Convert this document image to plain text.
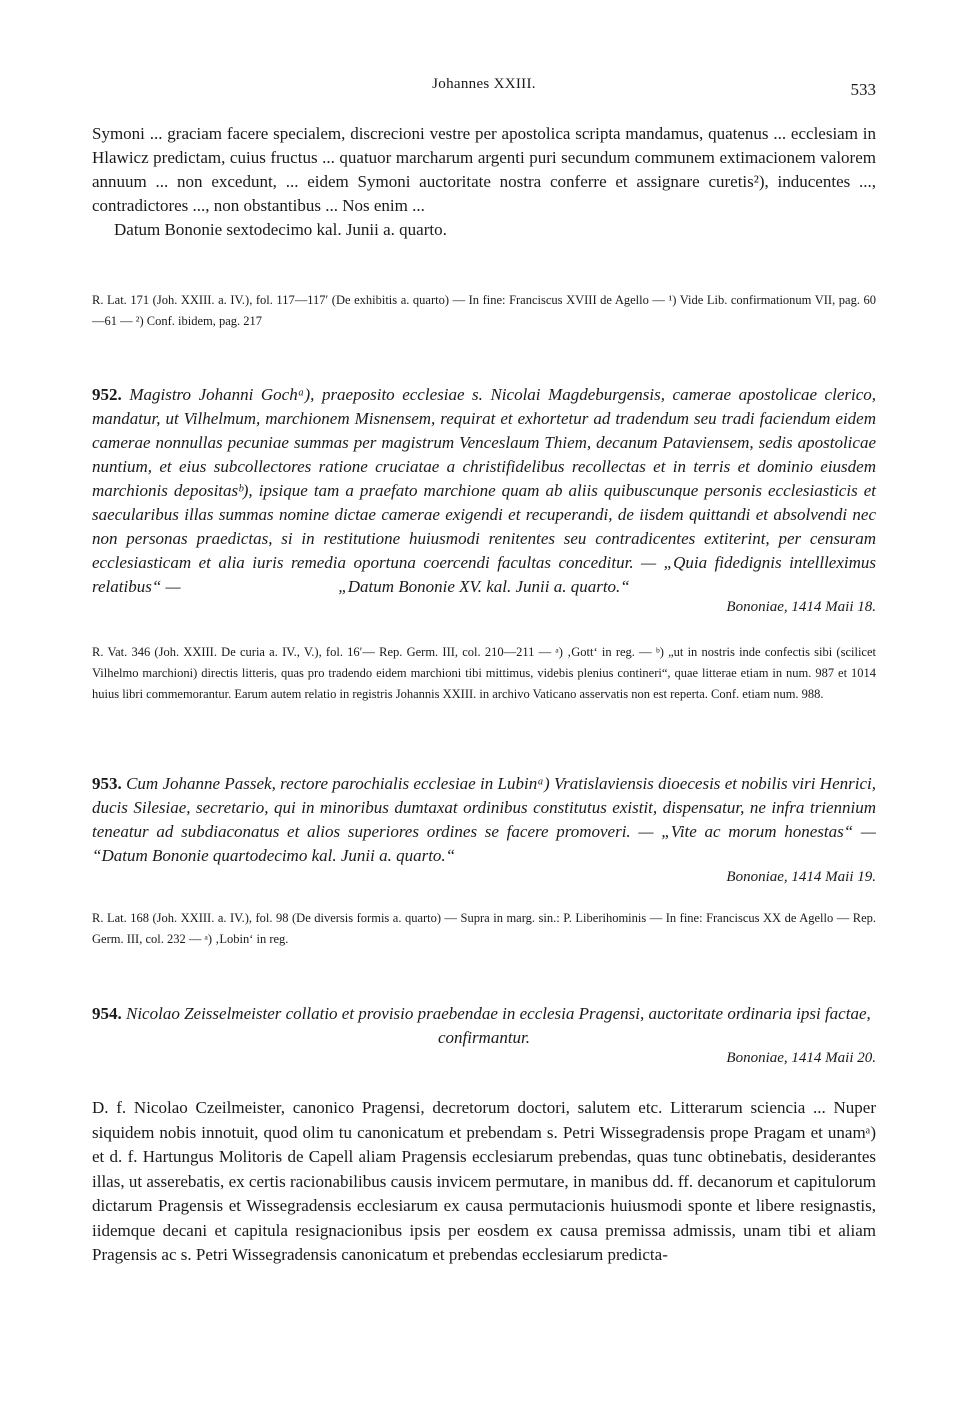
Johannes XXIII.	533
Symoni ... graciam facere specialem, discrecioni vestre per apostolica scripta mandamus, quatenus ... ecclesiam in Hlawicz predictam, cuius fructus ... quatuor marcharum argenti puri secundum communem extimacionem valorem annuum ... non excedunt, ... eidem Symoni auctoritate nostra conferre et assignare curetis²), inducentes ..., contradictores ..., non obstantibus ... Nos enim ...
Datum Bononie sextodecimo kal. Junii a. quarto.
R. Lat. 171 (Joh. XXIII. a. IV.), fol. 117—117′ (De exhibitis a. quarto) — In fine: Franciscus XVIII de Agello — ¹) Vide Lib. confirmationum VII, pag. 60—61 — ²) Conf. ibidem, pag. 217
952. Magistro Johanni Gochᵃ), praeposito ecclesiae s. Nicolai Magdeburgensis, camerae apostolicae clerico, mandatur, ut Vilhelmum, marchionem Misnensem, requirat et exhortetur ad tradendum seu tradi faciendum eidem camerae nonnullas pecuniae summas per magistrum Venceslaum Thiem, decanum Pataviensem, sedis apostolicae nuntium, et eius subcollectores ratione cruciatae a christifidelibus recollectas et in terris et dominio eiusdem marchionis depositasᵇ), ipsique tam a praefato marchione quam ab aliis quibuscunque personis ecclesiasticis et saecularibus illas summas nomine dictae camerae exigendi et recuperandi, de iisdem quittandi et absolvendi nec non personas praedictas, si in restitutione huiusmodi renitentes seu contradicentes extiterint, per censuram ecclesiasticam et alia iuris remedia oportuna coercendi facultas conceditur. — „Quia fidedignis intellleximus relatibus“ —	„Datum Bononie XV. kal. Junii a. quarto.“
Bononiae, 1414 Maii 18.
R. Vat. 346 (Joh. XXIII. De curia a. IV., V.), fol. 16′— Rep. Germ. III, col. 210—211 — ᵃ) ‚Gott‘ in reg. — ᵇ) „ut in nostris inde confectis sibi (scilicet Vilhelmo marchioni) directis litteris, quas pro tradendo eidem marchioni tibi mittimus, videbis plenius contineri“, quae litterae etiam in num. 987 et 1014 huius libri commemorantur. Earum autem relatio in registris Johannis XXIII. in archivo Vaticano asservatis non est reperta. Conf. etiam num. 988.
953. Cum Johanne Passek, rectore parochialis ecclesiae in Lubinᵃ) Vratislaviensis dioecesis et nobilis viri Henrici, ducis Silesiae, secretario, qui in minoribus dumtaxat ordinibus constitutus existit, dispensatur, ne infra triennium teneatur ad subdiaconatus et alios superiores ordines se facere promoveri. — „Vite ac morum honestas“ — “Datum Bononie quartodecimo kal. Junii a. quarto.“
Bononiae, 1414 Maii 19.
R. Lat. 168 (Joh. XXIII. a. IV.), fol. 98 (De diversis formis a. quarto) — Supra in marg. sin.: P. Liberihominis — In fine: Franciscus XX de Agello — Rep. Germ. III, col. 232 — ᵃ) ‚Lobin‘ in reg.
954. Nicolao Zeisselmeister collatio et provisio praebendae in ecclesia Pragensi, auctoritate ordinaria ipsi factae,
confirmantur.
Bononiae, 1414 Maii 20.
D. f. Nicolao Czeilmeister, canonico Pragensi, decretorum doctori, salutem etc. Litterarum sciencia ... Nuper siquidem nobis innotuit, quod olim tu canonicatum et prebendam s. Petri Wissegradensis prope Pragam et unamᵃ) et d. f. Hartungus Molitoris de Capell aliam Pragensis ecclesiarum prebendas, quas tunc obtinebatis, desiderantes illas, ut asserebatis, ex certis racionabilibus causis invicem permutare, in manibus dd. ff. decanorum et capitulorum dictarum Pragensis et Wissegradensis ecclesiarum ex causa permutacionis huiusmodi sponte et libere resignastis, iidemque decani et capitula resignacionibus ipsis per eosdem ex causa premissa admissis, unam tibi et aliam Pragensis ac s. Petri Wissegradensis canonicatum et prebendas ecclesiarum predicta-
